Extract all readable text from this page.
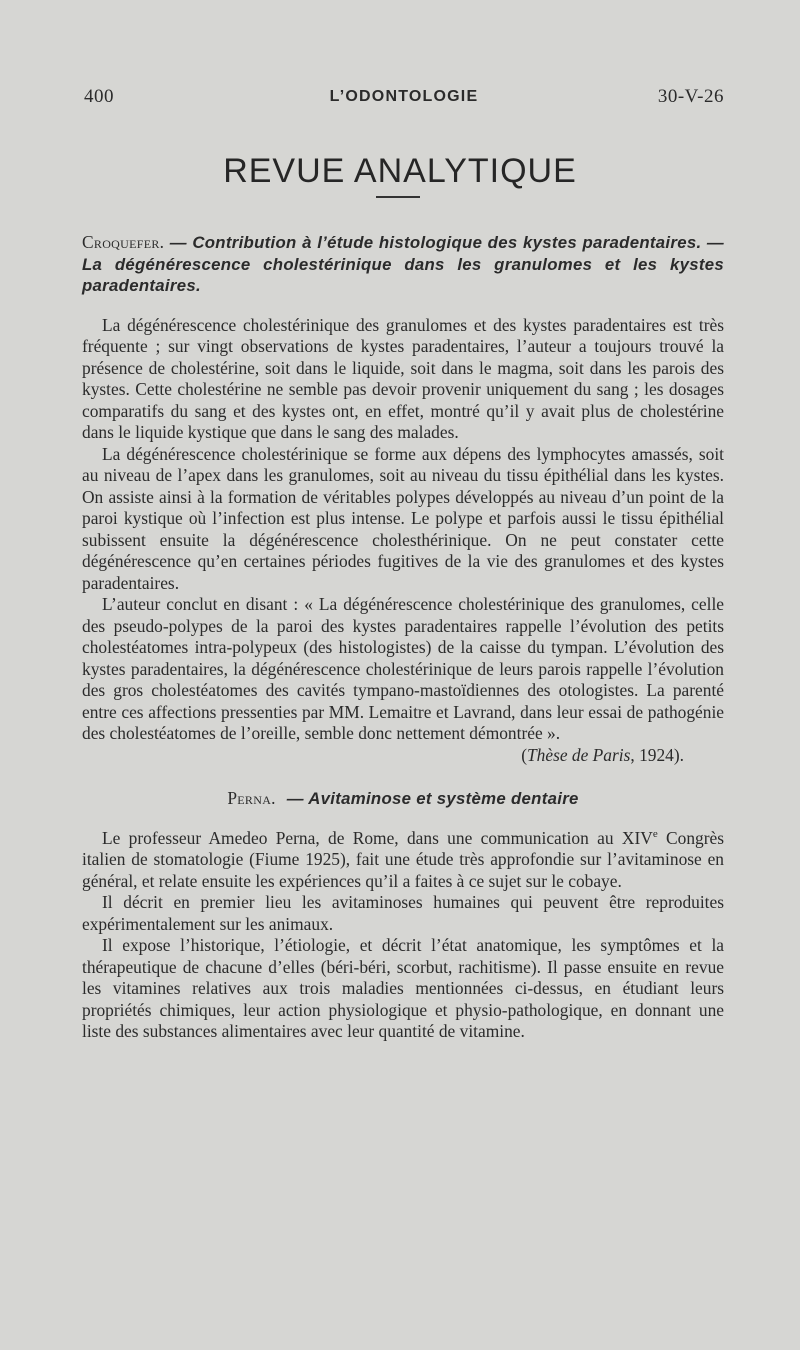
400	L’ODONTOLOGIE	30-V-26
REVUE ANALYTIQUE

Croquefer. — Contribution à l’étude histologique des kystes paradentaires. — La dégénérescence cholestérinique dans les granulomes et les kystes paradentaires.

La dégénérescence cholestérinique des granulomes et des kystes paradentaires est très fréquente ; sur vingt observations de kystes paradentaires, l’auteur a toujours trouvé la présence de cholestérine, soit dans le liquide, soit dans le magma, soit dans les parois des kystes. Cette cholestérine ne semble pas devoir provenir uniquement du sang ; les dosages comparatifs du sang et des kystes ont, en effet, montré qu’il y avait plus de cholestérine dans le liquide kystique que dans le sang des malades.

La dégénérescence cholestérinique se forme aux dépens des lymphocytes amassés, soit au niveau de l’apex dans les granulomes, soit au niveau du tissu épithélial dans les kystes. On assiste ainsi à la formation de véritables polypes développés au niveau d’un point de la paroi kystique où l’infection est plus intense. Le polype et parfois aussi le tissu épithélial subissent ensuite la dégénérescence cholesthérinique. On ne peut constater cette dégénérescence qu’en certaines périodes fugitives de la vie des granulomes et des kystes paradentaires.

L’auteur conclut en disant : « La dégénérescence cholestérinique des granulomes, celle des pseudo-polypes de la paroi des kystes paradentaires rappelle l’évolution des petits cholestéatomes intra-polypeux (des histologistes) de la caisse du tympan. L’évolution des kystes paradentaires, la dégénérescence cholestérinique de leurs parois rappelle l’évolution des gros cholestéatomes des cavités tympano-mastoïdiennes des otologistes. La parenté entre ces affections pressenties par MM. Lemaitre et Lavrand, dans leur essai de pathogénie des cholestéatomes de l’oreille, semble donc nettement démontrée ».

(Thèse de Paris, 1924).

Perna. — Avitaminose et système dentaire

Le professeur Amedeo Perna, de Rome, dans une communication au XIVe Congrès italien de stomatologie (Fiume 1925), fait une étude très approfondie sur l’avitaminose en général, et relate ensuite les expériences qu’il a faites à ce sujet sur le cobaye.

Il décrit en premier lieu les avitaminoses humaines qui peuvent être reproduites expérimentalement sur les animaux.

Il expose l’historique, l’étiologie, et décrit l’état anatomique, les symptômes et la thérapeutique de chacune d’elles (béri-béri, scorbut, rachitisme). Il passe ensuite en revue les vitamines relatives aux trois maladies mentionnées ci-dessus, en étudiant leurs propriétés chimiques, leur action physiologique et physio-pathologique, en donnant une liste des substances alimentaires avec leur quantité de vitamine.
